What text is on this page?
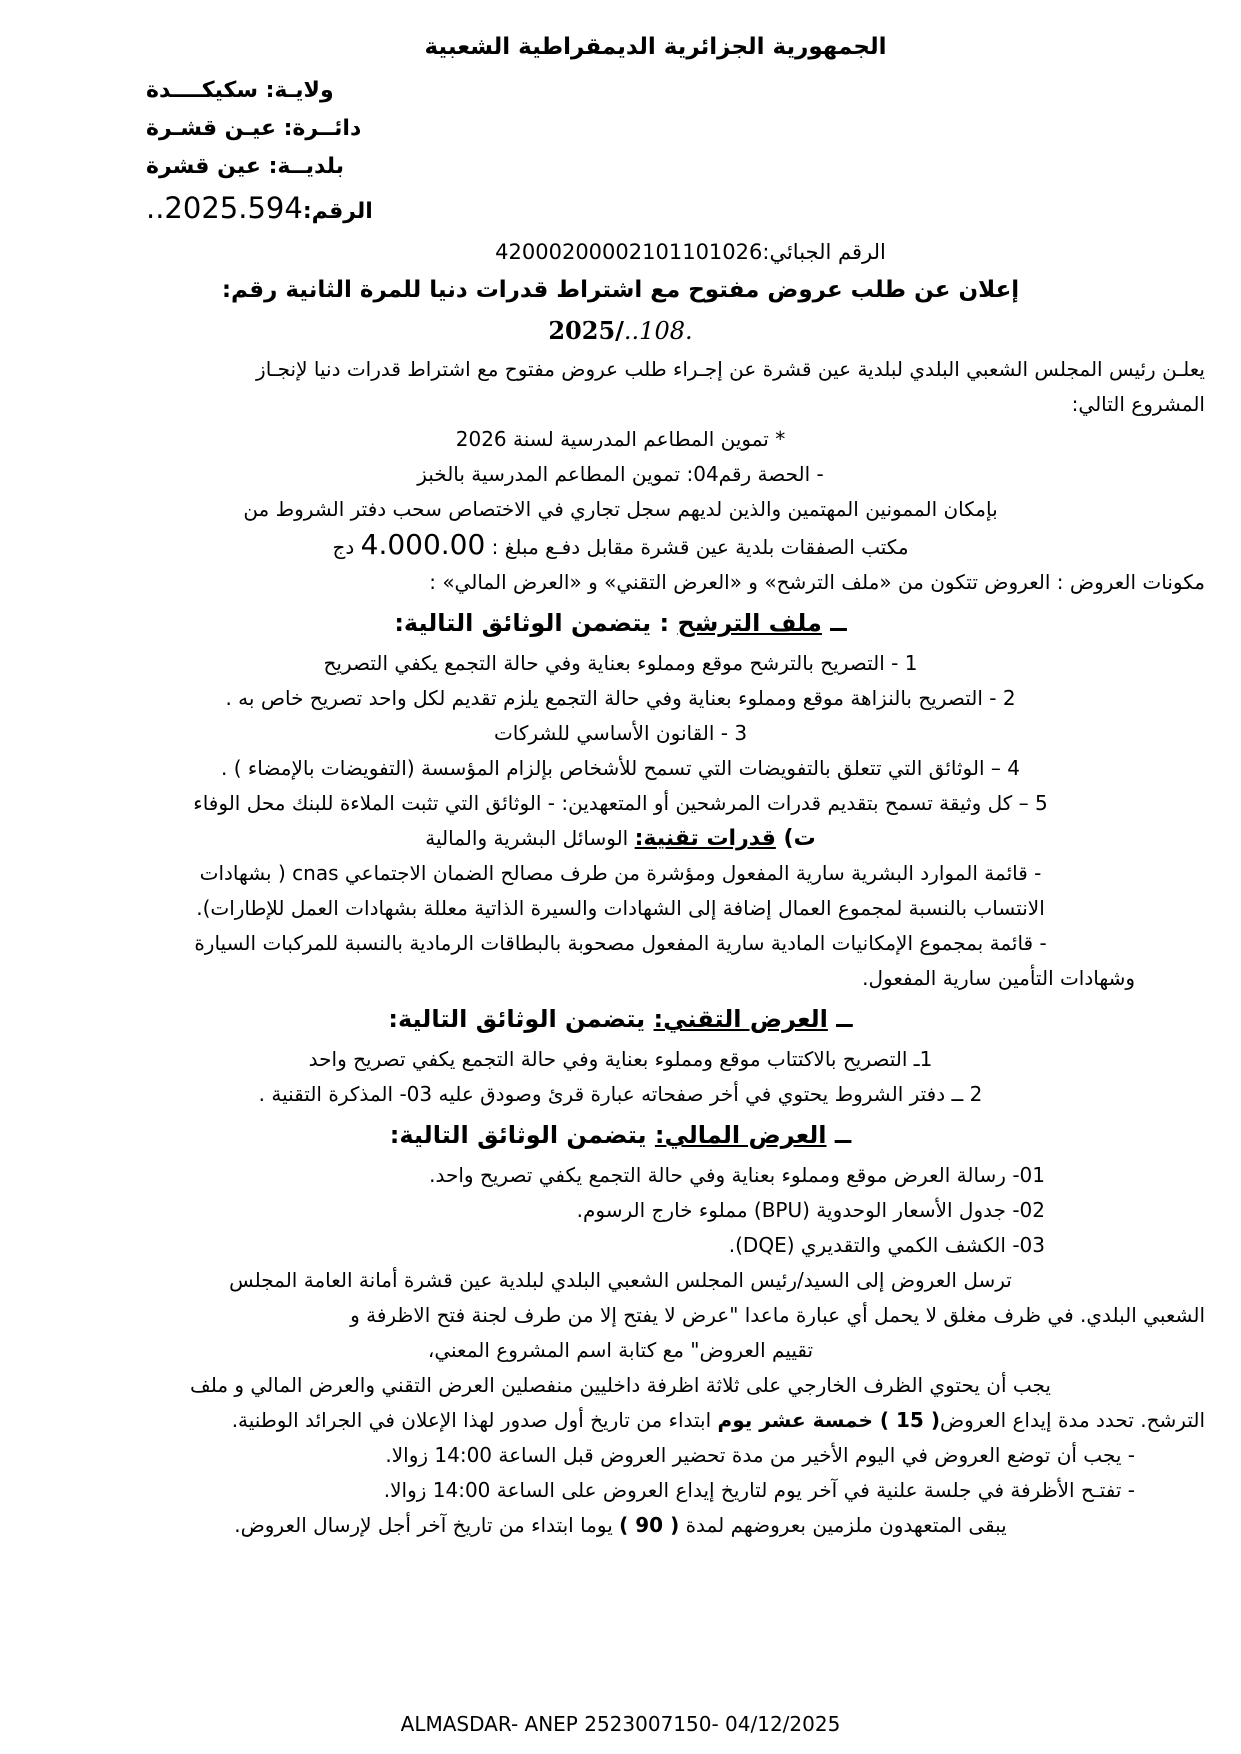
الجمهورية الجزائرية الديمقراطية الشعبية
ولايـة: سكيكــــدة
دائــرة: عيـن قشـرة
بلديــة: عين قشرة
الرقم:..2025.594
الرقم الجبائي:42000200002101101026
إعلان عن طلب عروض مفتوح مع اشتراط قدرات دنيا للمرة الثانية رقم:
2025/..108.
يعلـن رئيس المجلس الشعبي البلدي لبلدية عين قشرة عن إجـراء طلب عروض مفتوح مع اشتراط قدرات دنيا لإنجـاز
المشروع التالي:
* تموين المطاعم المدرسية لسنة 2026
- الحصة رقم04: تموين المطاعم المدرسية بالخبز
بإمكان الممونين المهتمين والذين لديهم سجل تجاري في الاختصاص سحب دفتر الشروط من
مكتب الصفقات بلدية عين قشرة مقابل دفـع مبلغ : 4.000.00 دج
مكونات العروض : العروض تتكون من «ملف الترشح» و «العرض التقني» و «العرض المالي» :
ــ ملف الترشح : يتضمن الوثائق التالية:
1 - التصريح بالترشح موقع ومملوء بعناية وفي حالة التجمع يكفي التصريح
2 - التصريح بالنزاهة موقع ومملوء بعناية وفي حالة التجمع يلزم تقديم لكل واحد تصريح خاص به .
3 - القانون الأساسي للشركات
4 – الوثائق التي تتعلق بالتفويضات التي تسمح للأشخاص بإلزام المؤسسة (التفويضات بالإمضاء ) .
5 – كل وثيقة تسمح بتقديم قدرات المرشحين أو المتعهدين: - الوثائق التي تثبت الملاءة للبنك محل الوفاء
ت) قدرات تقنية: الوسائل البشرية والمالية
- قائمة الموارد البشرية سارية المفعول ومؤشرة من طرف مصالح الضمان الاجتماعي cnas ( بشهادات
الانتساب بالنسبة لمجموع العمال إضافة إلى الشهادات والسيرة الذاتية معللة بشهادات العمل للإطارات).
- قائمة بمجموع الإمكانيات المادية سارية المفعول مصحوبة بالبطاقات الرمادية بالنسبة للمركبات السيارة
وشهادات التأمين سارية المفعول.
ــ العرض التقني: يتضمن الوثائق التالية:
1ـ التصريح بالاكتتاب موقع ومملوء بعناية وفي حالة التجمع يكفي تصريح واحد
2 ــ دفتر الشروط يحتوي في أخر صفحاته عبارة قرئ وصودق عليه 03- المذكرة التقنية .
ــ العرض المالي: يتضمن الوثائق التالية:
01- رسالة العرض موقع ومملوء بعناية وفي حالة التجمع يكفي تصريح واحد.
02- جدول الأسعار الوحدوية (BPU) مملوء خارج الرسوم.
03- الكشف الكمي والتقديري (DQE).
ترسل العروض إلى السيد/رئيس المجلس الشعبي البلدي لبلدية عين قشرة أمانة العامة المجلس
الشعبي البلدي. في ظرف مغلق لا يحمل أي عبارة ماعدا "عرض لا يفتح إلا من طرف لجنة فتح الاظرفة و
تقييم العروض" مع كتابة اسم المشروع المعني،
يجب أن يحتوي الظرف الخارجي على ثلاثة اظرفة داخليين منفصلين العرض التقني والعرض المالي و ملف
الترشح. تحدد مدة إيداع العروض( 15 ) خمسة عشر يوم ابتداء من تاريخ أول صدور لهذا الإعلان في الجرائد الوطنية.
- يجب أن توضع العروض في اليوم الأخير من مدة تحضير العروض قبل الساعة 14:00 زوالا.
- تفتـح الأظرفة في جلسة علنية في آخر يوم لتاريخ إيداع العروض على الساعة 14:00 زوالا.
يبقى المتعهدون ملزمين بعروضهم لمدة ( 90 ) يوما ابتداء من تاريخ آخر أجل لإرسال العروض.
ALMASDAR- ANEP 2523007150- 04/12/2025
